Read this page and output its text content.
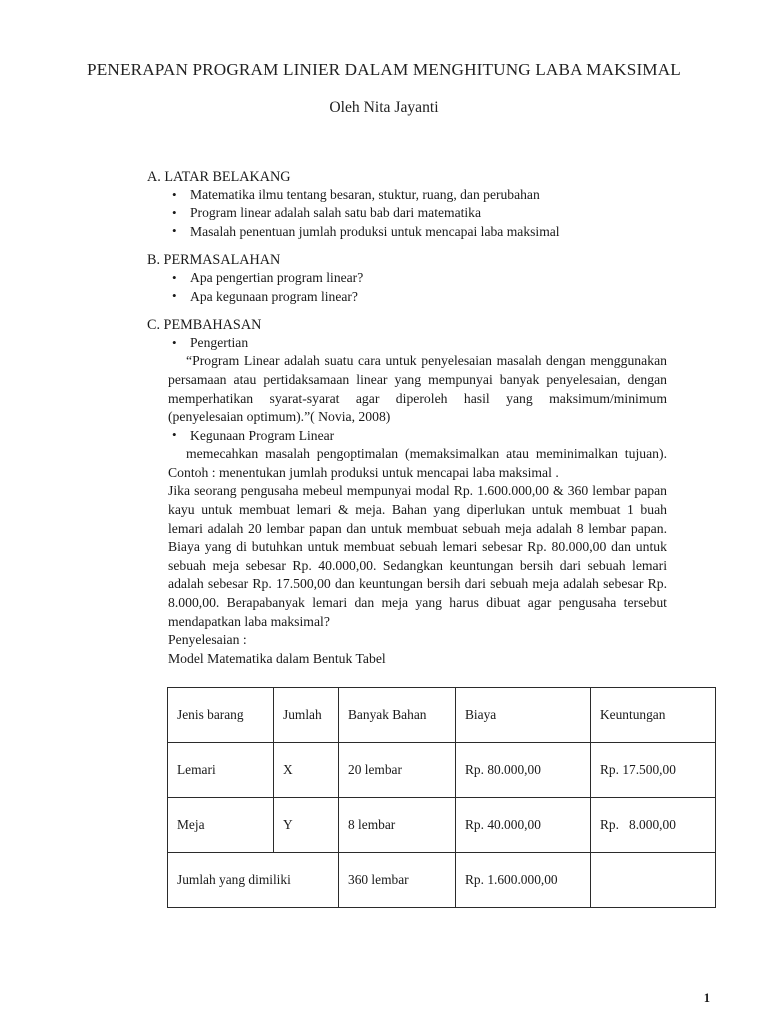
PENERAPAN PROGRAM LINIER DALAM MENGHITUNG LABA MAKSIMAL
Oleh Nita Jayanti
A. LATAR BELAKANG
• Matematika ilmu tentang besaran, stuktur, ruang, dan perubahan
• Program linear adalah salah satu bab dari matematika
• Masalah penentuan jumlah produksi untuk mencapai laba maksimal
B. PERMASALAHAN
• Apa pengertian program linear?
• Apa kegunaan program linear?
C. PEMBAHASAN
• Pengertian

“Program Linear adalah suatu cara untuk penyelesaian masalah dengan menggunakan persamaan atau pertidaksamaan linear yang mempunyai banyak penyelesaian, dengan memperhatikan syarat-syarat agar diperoleh hasil yang maksimum/minimum (penyelesaian optimum).”( Novia, 2008)

• Kegunaan Program Linear

memecahkan masalah pengoptimalan (memaksimalkan atau meminimalkan tujuan). Contoh : menentukan jumlah produksi untuk mencapai laba maksimal .

Jika seorang pengusaha mebeul mempunyai modal Rp. 1.600.000,00 & 360 lembar papan kayu untuk membuat lemari & meja. Bahan yang diperlukan untuk membuat 1 buah lemari adalah 20 lembar papan dan untuk membuat sebuah meja adalah 8 lembar papan. Biaya yang di butuhkan untuk membuat sebuah lemari sebesar Rp. 80.000,00 dan untuk sebuah meja sebesar Rp. 40.000,00. Sedangkan keuntungan bersih dari sebuah lemari adalah sebesar Rp. 17.500,00 dan keuntungan bersih dari sebuah meja adalah sebesar Rp. 8.000,00. Berapabanyak lemari dan meja yang harus dibuat agar pengusaha tersebut mendapatkan laba maksimal?

Penyelesaian :
Model Matematika dalam Bentuk Tabel
Jenis barang	Jumlah	Banyak Bahan	Biaya	Keuntungan
Lemari	X	20 lembar	Rp. 80.000,00	Rp. 17.500,00
Meja	Y	8 lembar	Rp. 40.000,00	Rp.   8.000,00
Jumlah yang dimiliki		360 lembar	Rp. 1.600.000,00	
1
